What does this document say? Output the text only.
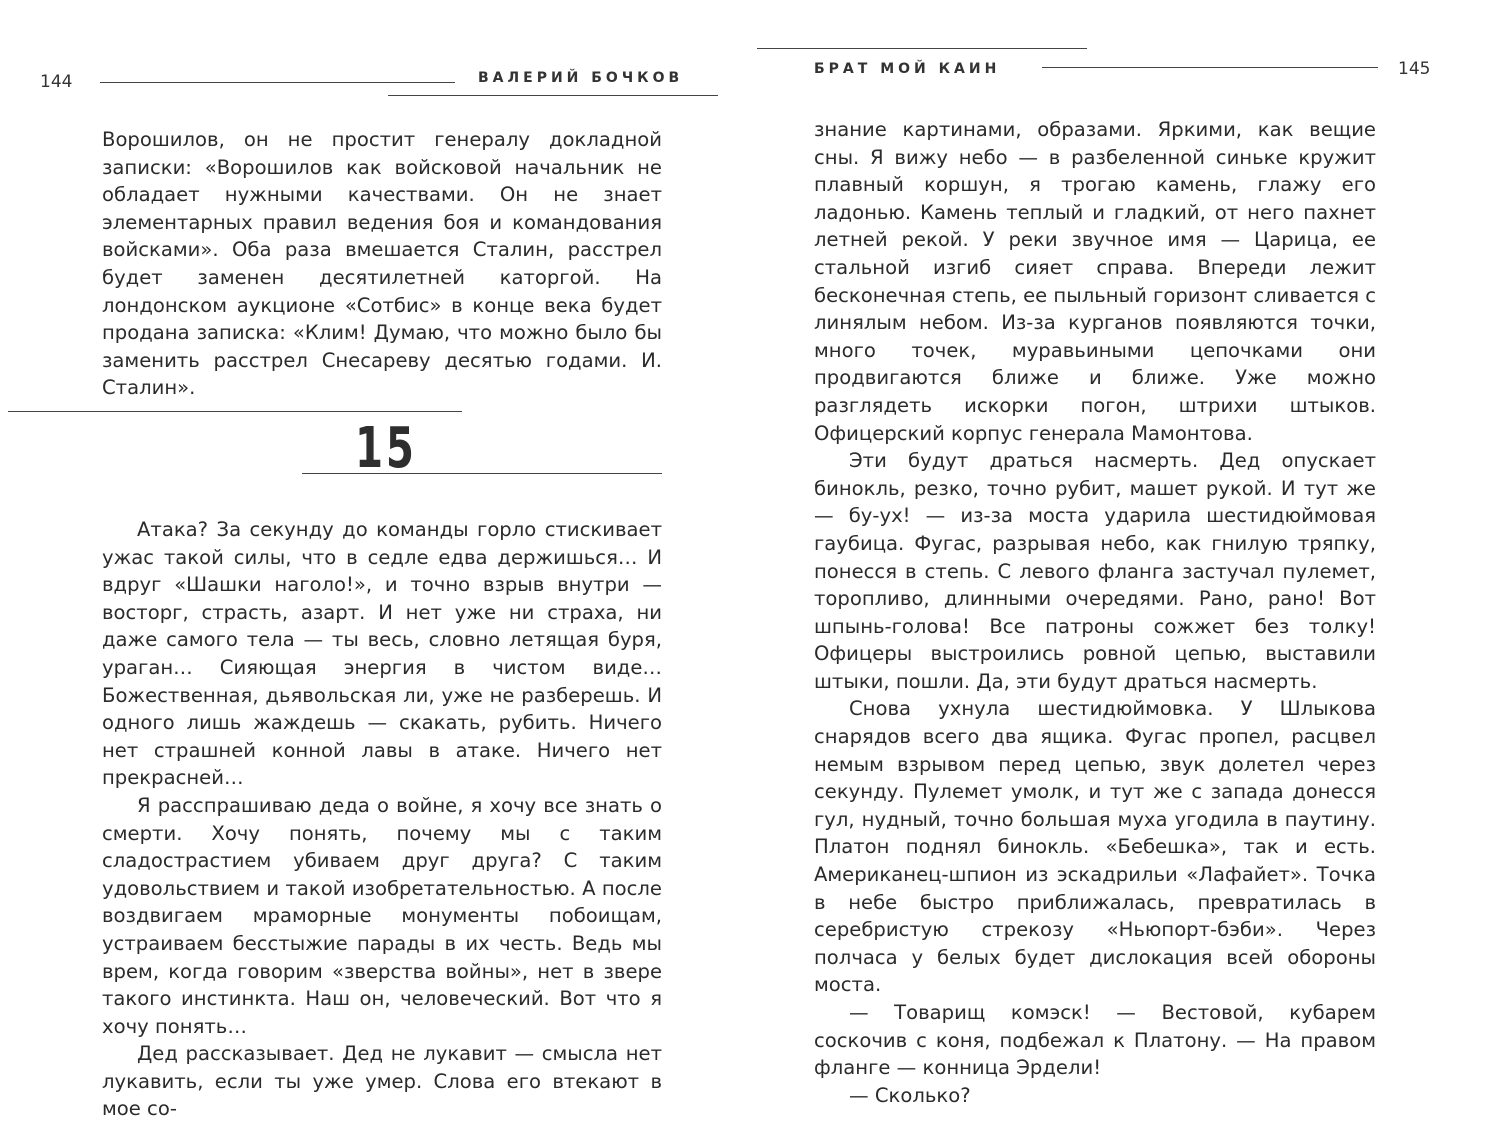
144	ВАЛЕРИЙ БОЧКОВ

Ворошилов, он не простит генералу докладной записки: «Ворошилов как войсковой начальник не обладает нужными качествами. Он не знает элементарных правил ведения боя и командования войсками». Оба раза вмешается Сталин, расстрел будет заменен десятилетней каторгой. На лондонском аукционе «Сотбис» в конце века будет продана записка: «Клим! Думаю, что можно было бы заменить расстрел Снесареву десятью годами. И. Сталин».

15

Атака? За секунду до команды горло стискивает ужас такой силы, что в седле едва держишься… И вдруг «Шашки наголо!», и точно взрыв внутри — восторг, страсть, азарт. И нет уже ни страха, ни даже самого тела — ты весь, словно летящая буря, ураган… Сияющая энергия в чистом виде… Божественная, дьявольская ли, уже не разберешь. И одного лишь жаждешь — скакать, рубить. Ничего нет страшней конной лавы в атаке. Ничего нет прекрасней…

Я расспрашиваю деда о войне, я хочу все знать о смерти. Хочу понять, почему мы с таким сладострастием убиваем друг друга? С таким удовольствием и такой изобретательностью. А после воздвигаем мраморные монументы побоищам, устраиваем бесстыжие парады в их честь. Ведь мы врем, когда говорим «зверства войны», нет в звере такого инстинкта. Наш он, человеческий. Вот что я хочу понять…

Дед рассказывает. Дед не лукавит — смысла нет лукавить, если ты уже умер. Слова его втекают в мое со-

БРАТ МОЙ КАИН	145

знание картинами, образами. Яркими, как вещие сны. Я вижу небо — в разбеленной синьке кружит плавный коршун, я трогаю камень, глажу его ладонью. Камень теплый и гладкий, от него пахнет летней рекой. У реки звучное имя — Царица, ее стальной изгиб сияет справа. Впереди лежит бесконечная степь, ее пыльный горизонт сливается с линялым небом. Из-за курганов появляются точки, много точек, муравьиными цепочками они продвигаются ближе и ближе. Уже можно разглядеть искорки погон, штрихи штыков. Офицерский корпус генерала Мамонтова.

Эти будут драться насмерть. Дед опускает бинокль, резко, точно рубит, машет рукой. И тут же — бу-ух! — из-за моста ударила шестидюймовая гаубица. Фугас, разрывая небо, как гнилую тряпку, понесся в степь. С левого фланга застучал пулемет, торопливо, длинными очередями. Рано, рано! Вот шпынь-голова! Все патроны сожжет без толку! Офицеры выстроились ровной цепью, выставили штыки, пошли. Да, эти будут драться насмерть.

Снова ухнула шестидюймовка. У Шлыкова снарядов всего два ящика. Фугас пропел, расцвел немым взрывом перед цепью, звук долетел через секунду. Пулемет умолк, и тут же с запада донесся гул, нудный, точно большая муха угодила в паутину. Платон поднял бинокль. «Бебешка», так и есть. Американец-шпион из эскадрильи «Лафайет». Точка в небе быстро приближалась, превратилась в серебристую стрекозу «Ньюпорт-бэби». Через полчаса у белых будет дислокация всей обороны моста.

— Товарищ комэск! — Вестовой, кубарем соскочив с коня, подбежал к Платону. — На правом фланге — конница Эрдели!

— Сколько?
